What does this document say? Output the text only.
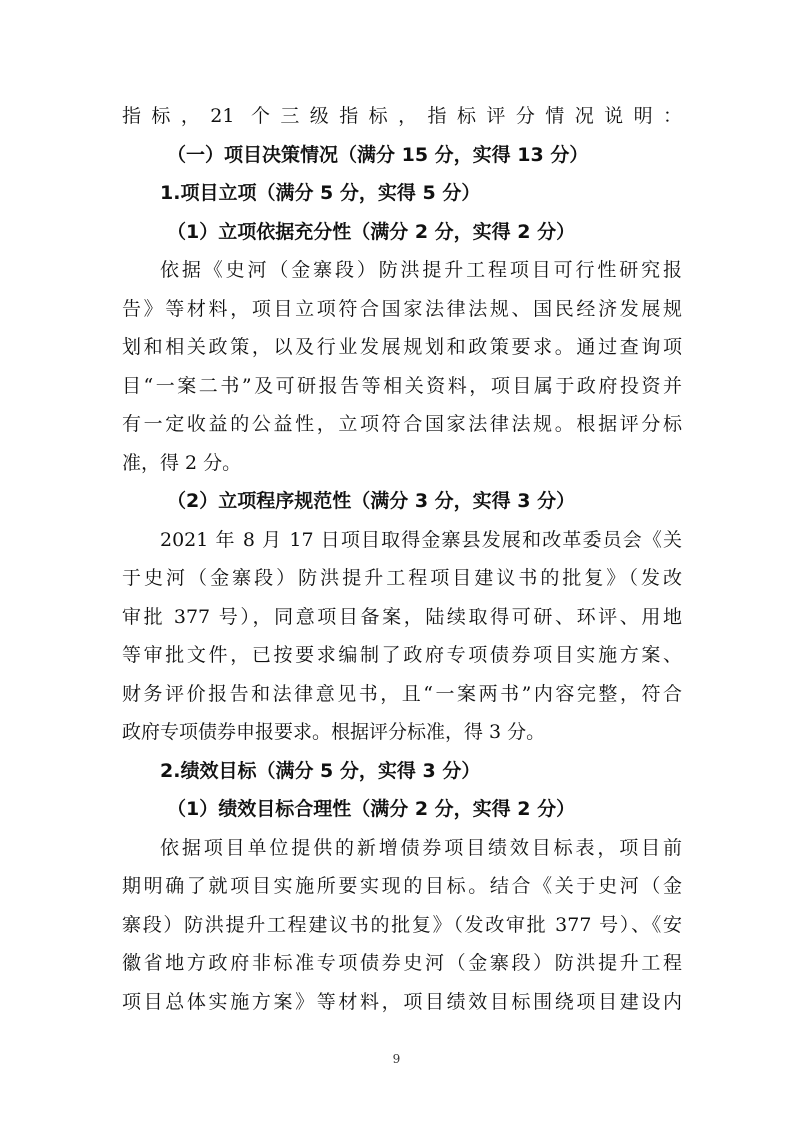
指标，21 个三级指标，指标评分情况说明：
（一）项目决策情况（满分 15 分，实得 13 分）
1.项目立项（满分 5 分，实得 5 分）
（1）立项依据充分性（满分 2 分，实得 2 分）
依据《史河（金寨段）防洪提升工程项目可行性研究报
告》等材料，项目立项符合国家法律法规、国民经济发展规
划和相关政策，以及行业发展规划和政策要求。通过查询项
目“一案二书”及可研报告等相关资料，项目属于政府投资并
有一定收益的公益性，立项符合国家法律法规。根据评分标
准，得 2 分。
（2）立项程序规范性（满分 3 分，实得 3 分）
2021 年 8 月 17 日项目取得金寨县发展和改革委员会《关
于史河（金寨段）防洪提升工程项目建议书的批复》（发改
审批 377 号），同意项目备案，陆续取得可研、环评、用地
等审批文件，已按要求编制了政府专项债券项目实施方案、
财务评价报告和法律意见书，且“一案两书”内容完整，符合
政府专项债券申报要求。根据评分标准，得 3 分。
2.绩效目标（满分 5 分，实得 3 分）
（1）绩效目标合理性（满分 2 分，实得 2 分）
依据项目单位提供的新增债券项目绩效目标表，项目前
期明确了就项目实施所要实现的目标。结合《关于史河（金
寨段）防洪提升工程建议书的批复》（发改审批 377 号）、《安
徽省地方政府非标准专项债券史河（金寨段）防洪提升工程
项目总体实施方案》等材料，项目绩效目标围绕项目建设内
9
